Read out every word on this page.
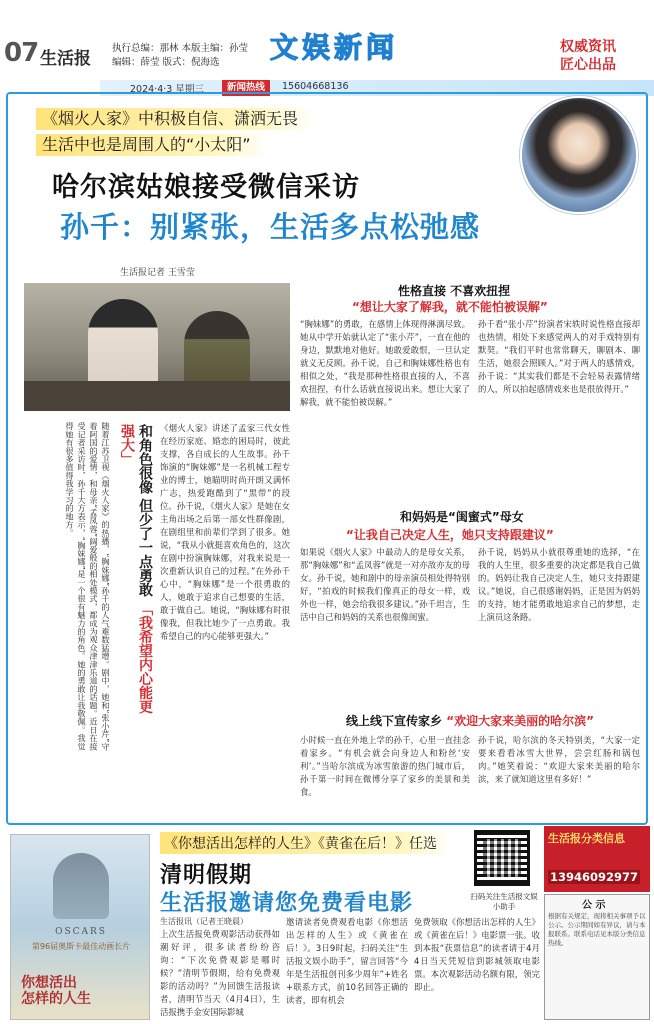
07 生活报
执行总编：那林 本版主编：孙莹
编辑：薛莹 版式：倪海选	文娱新闻	权威资讯
匠心出品
2024·4·3 星期三	新闻热线	15604668136
《烟火人家》中积极自信、潇洒无畏
生活中也是周围人的“小太阳”
哈尔滨姑娘接受微信采访
孙千：别紧张，生活多点松弛感
生活报记者 王雪莹
随着江苏卫视《烟火人家》的热播，“胸妹娜”孙千的人气难数猛增。剧中，她和“张小芹”守着阿国的爱情，和母亲“孟凤蓉”阔爱般的相处模式，都成为观众津津乐道的话题。近日在接受记者采访时，孙千大方表示，“胸妹娜”是一个很有魅力的角色。她的勇敢让我敬佩。我觉得她有很多值得我学习的地方。	和角色很像 但少了一点勇敢 「我希望内心能更强大」	《烟火人家》讲述了孟家三代女性在经历家庭、婚恋的困局时，彼此支撑，各自成长的人生故事。孙千饰演的“胸妹娜”是一名机械工程专业的博士，她瞄明时尚开朗又满怀广志，热爱跑酷到了“黑带”的段位。孙千说，《烟火人家》是她在女主角出场之后第一部女性群像剧，在剧组里和前辈们学到了很多。她说，“我从小就挺喜欢角色的，这次在剧中扮演胸妹娜，对我来说是一次重新认识自己的过程。”在外孙千心中，“胸妹娜”是一个很勇敢的人，她敢于追求自己想要的生活，敢于做自己。她说，“胸妹娜有时很像我，但我比她少了一点勇敢。我希望自己的内心能够更强大。”
性格直接 不喜欢扭捏
“想让大家了解我，就不能怕被误解”
“胸妹娜”的勇敢，在感情上体现得淋漓尽致。她从中学开始就认定了“张小芹”，一直在他的身边，默默地对他好。她敢爱敢恨，一旦认定就义无反顾。孙千说，自己和胸妹娜性格也有相似之处，“我是那种性格很直接的人，不喜欢扭捏，有什么话就直接说出来。想让大家了解我，就不能怕被误解。”
孙千看“张小芹”扮演者宋轶时说性格直接却也热情，相处下来感觉两人的对手戏特别有默契。“我们平时也常常聊天，聊剧本、聊生活，她很会照顾人。”对于两人的感情戏，孙千说：“其实我们都是不会轻易表露情绪的人，所以拍起感情戏来也是很放得开。”
和妈妈是“闺蜜式”母女
“让我自己决定人生，她只支持跟建议”
如果说《烟火人家》中最动人的是母女关系，那“胸妹娜”和“孟凤蓉”就是一对亦敌亦友的母女。孙千说，她和剧中的母亲演员相处得特别好，“拍戏的时候我们像真正的母女一样，戏外也一样，她会给我很多建议。”孙千坦言，生活中自己和妈妈的关系也很像闺蜜。
孙千说，妈妈从小就很尊重她的选择，“在我的人生里，很多重要的决定都是我自己做的。妈妈让我自己决定人生，她只支持跟建议。”她说，自己很感谢妈妈，正是因为妈妈的支持，她才能勇敢地追求自己的梦想，走上演员这条路。
线上线下宣传家乡 “欢迎大家来美丽的哈尔滨”
小时候一直在外地上学的孙千，心里一直挂念着家乡。“有机会就会向身边人和粉丝‘安利’。”当哈尔滨成为冰雪旅游的热门城市后，孙千第一时间在微博分享了家乡的美景和美食。
孙千说，哈尔滨的冬天特别美，“大家一定要来看看冰雪大世界，尝尝红肠和锅包肉。”她笑着说：“欢迎大家来美丽的哈尔滨，来了就知道这里有多好！”
OSCARS
第96届奥斯卡最佳动画长片
你想活出
怎样的人生
《你想活出怎样的人生》《黄雀在后！》任选
清明假期
生活报邀请您免费看电影	扫码关注生活报文娱小助手
生活报讯（记者王晓晨）
上次生活报免费观影活动获得如潮好评，很多读者纷纷咨询：“下次免费观影是哪时候？”清明节假期，给有免费观影的活动吗？”为回馈生活报读者，清明节当天（4月4日），生活报携手金安国际影城
邀请读者免费观看电影《你想活出怎样的人生》或《黄雀在后！》。3日9时起，扫码关注“生活报文娱小助手”，留言回答“今年是生活报创刊多少周年”+姓名+联系方式，前10名回答正确的读者，即有机会
免费领取《你想活出怎样的人生》或《黄雀在后！》电影票一张。收到本报“获票信息”的读者请于4月4日当天凭短信到影城领取电影票。本次观影活动名额有限，领完即止。
生活报分类信息
13946092977
公 示
根据有关规定，现将相关事项予以公示。公示期间如有异议，请与本报联系。联系电话见本版分类信息热线。
